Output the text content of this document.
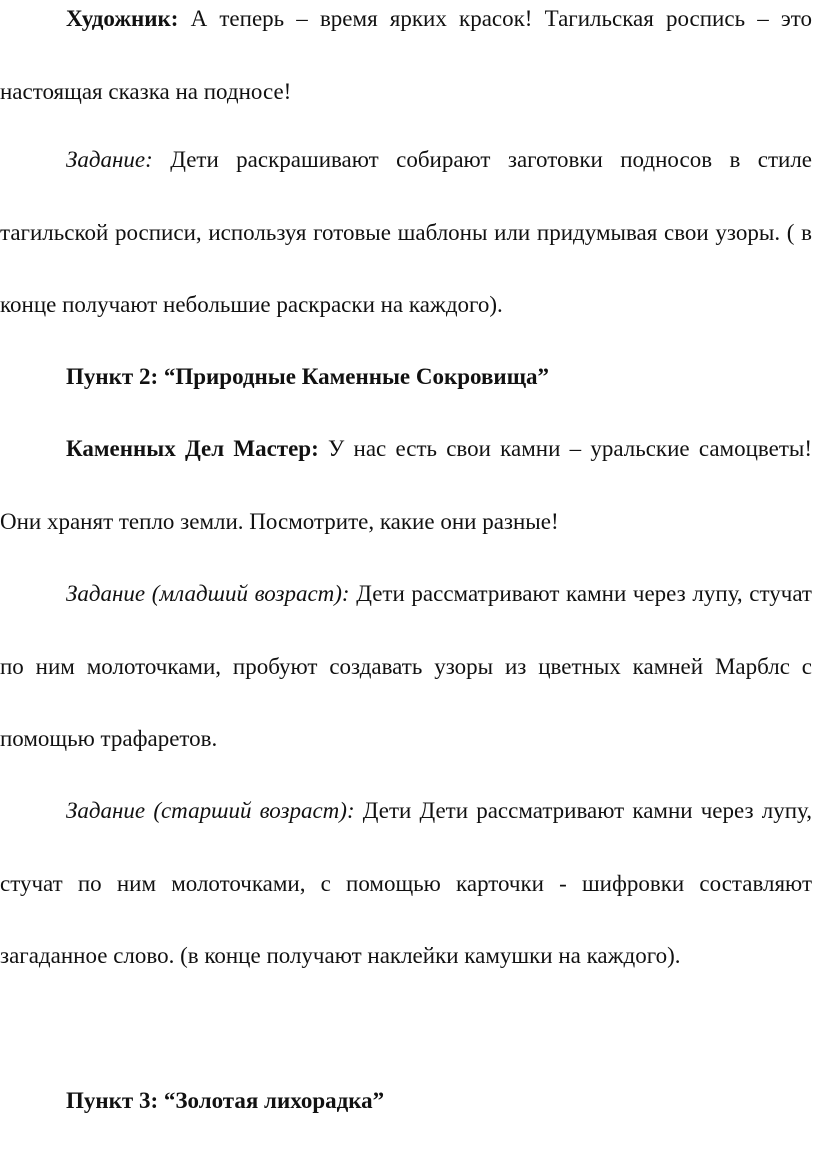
Художник: А теперь – время ярких красок! Тагильская роспись – это настоящая сказка на подносе!

Задание: Дети раскрашивают собирают заготовки подносов в стиле тагильской росписи, используя готовые шаблоны или придумывая свои узоры. ( в конце получают небольшие раскраски на каждого).

Пункт 2: “Природные Каменные Сокровища”

Каменных Дел Мастер: У нас есть свои камни – уральские самоцветы! Они хранят тепло земли. Посмотрите, какие они разные!

Задание (младший возраст): Дети рассматривают камни через лупу, стучат по ним молоточками, пробуют создавать узоры из цветных камней Марблс с помощью трафаретов.

Задание (старший возраст): Дети Дети рассматривают камни через лупу, стучат по ним молоточками, с помощью карточки - шифровки составляют загаданное слово. (в конце получают наклейки камушки на каждого).

Пункт 3: “Золотая лихорадка”
